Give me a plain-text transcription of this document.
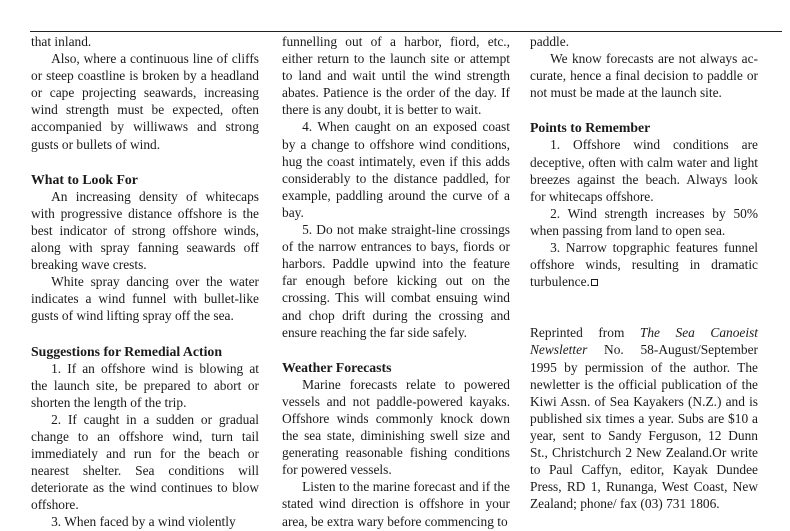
that inland.

Also, where a continuous line of cliffs or steep coastline is broken by a headland or cape projecting seawards, increasing wind strength must be expected, often accompanied by williwaws and strong gusts or bullets of wind.

What to Look For

An increasing density of whitecaps with progressive distance offshore is the best indicator of strong offshore winds, along with spray fanning seawards off breaking wave crests.

White spray dancing over the water indicates a wind funnel with bullet-like gusts of wind lifting spray off the sea.

Suggestions for Remedial Action

1. If an offshore wind is blowing at the launch site, be prepared to abort or shorten the length of the trip.

2. If caught in a sudden or gradual change to an offshore wind, turn tail immediately and run for the beach or nearest shelter. Sea conditions will deteriorate as the wind continues to blow offshore.

3. When faced by a wind violently

funnelling out of a harbor, fiord, etc., either return to the launch site or attempt to land and wait until the wind strength abates. Patience is the order of the day. If there is any doubt, it is better to wait.

4. When caught on an exposed coast by a change to offshore wind conditions, hug the coast intimately, even if this adds considerably to the distance paddled, for example, paddling around the curve of a bay.

5. Do not make straight-line crossings of the narrow entrances to bays, fiords or harbors. Paddle upwind into the feature far enough before kicking out on the crossing. This will combat ensuing wind and chop drift during the crossing and ensure reaching the far side safely.

Weather Forecasts

Marine forecasts relate to powered vessels and not paddle-powered kayaks. Offshore winds commonly knock down the sea state, diminishing swell size and generating reasonable fishing conditions for powered vessels.

Listen to the marine forecast and if the stated wind direction is offshore in your area, be extra wary before commencing to

paddle.

We know forecasts are not always accurate, hence a final decision to paddle or not must be made at the launch site.

Points to Remember

1. Offshore wind conditions are deceptive, often with calm water and light breezes against the beach. Always look for whitecaps offshore.

2. Wind strength increases by 50% when passing from land to open sea.

3. Narrow topgraphic features funnel offshore winds, resulting in dramatic turbulence.

Reprinted from The Sea Canoeist Newsletter No. 58-August/September 1995 by permission of the author. The newletter is the official publication of the Kiwi Assn. of Sea Kayakers (N.Z.) and is published six times a year. Subs are $10 a year, sent to Sandy Ferguson, 12 Dunn St., Christchurch 2 New Zealand.Or write to Paul Caffyn, editor, Kayak Dundee Press, RD 1, Runanga, West Coast, New Zealand; phone/ fax (03) 731 1806.
